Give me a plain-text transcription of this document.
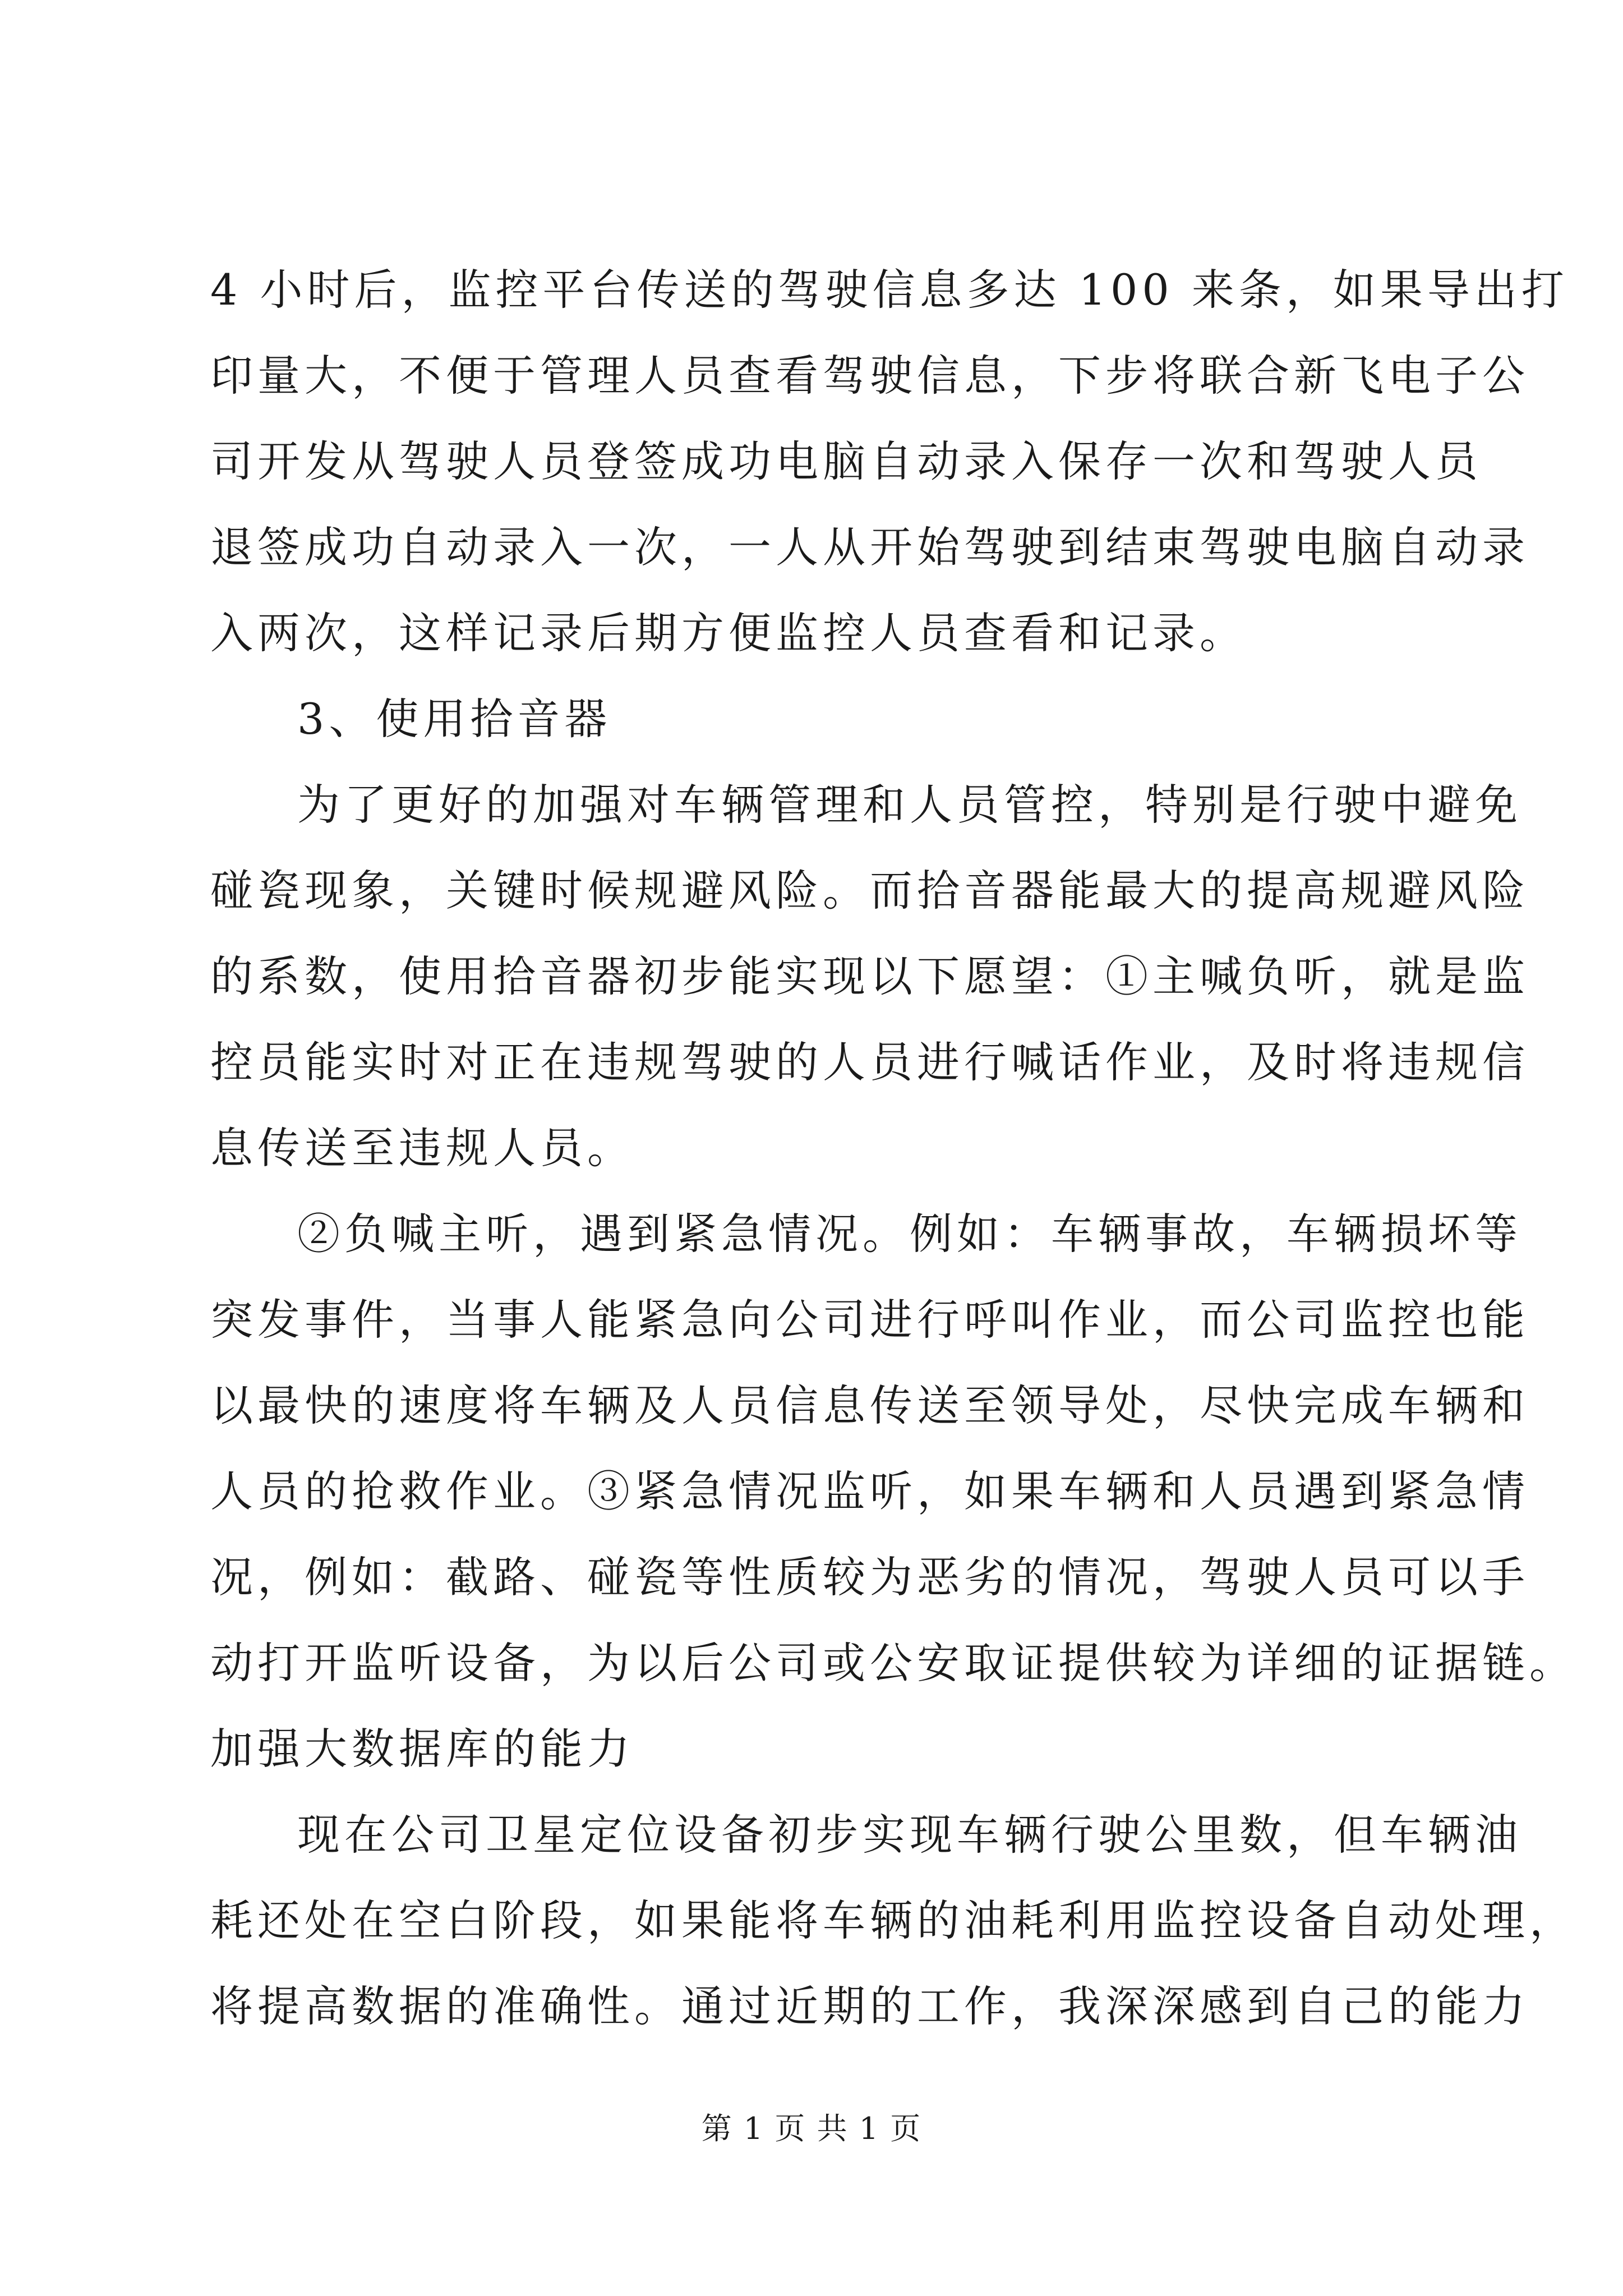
4 小时后，监控平台传送的驾驶信息多达 100 来条，如果导出打
印量大，不便于管理人员查看驾驶信息，下步将联合新飞电子公
司开发从驾驶人员登签成功电脑自动录入保存一次和驾驶人员
退签成功自动录入一次，一人从开始驾驶到结束驾驶电脑自动录
入两次，这样记录后期方便监控人员查看和记录。
3、使用拾音器
为了更好的加强对车辆管理和人员管控，特别是行驶中避免
碰瓷现象，关键时候规避风险。而拾音器能最大的提高规避风险
的系数，使用拾音器初步能实现以下愿望：①主喊负听，就是监
控员能实时对正在违规驾驶的人员进行喊话作业，及时将违规信
息传送至违规人员。
②负喊主听，遇到紧急情况。例如：车辆事故，车辆损坏等
突发事件，当事人能紧急向公司进行呼叫作业，而公司监控也能
以最快的速度将车辆及人员信息传送至领导处，尽快完成车辆和
人员的抢救作业。③紧急情况监听，如果车辆和人员遇到紧急情
况，例如：截路、碰瓷等性质较为恶劣的情况，驾驶人员可以手
动打开监听设备，为以后公司或公安取证提供较为详细的证据链。
加强大数据库的能力
现在公司卫星定位设备初步实现车辆行驶公里数，但车辆油
耗还处在空白阶段，如果能将车辆的油耗利用监控设备自动处理，
将提高数据的准确性。通过近期的工作，我深深感到自己的能力
第 1 页 共 1 页
